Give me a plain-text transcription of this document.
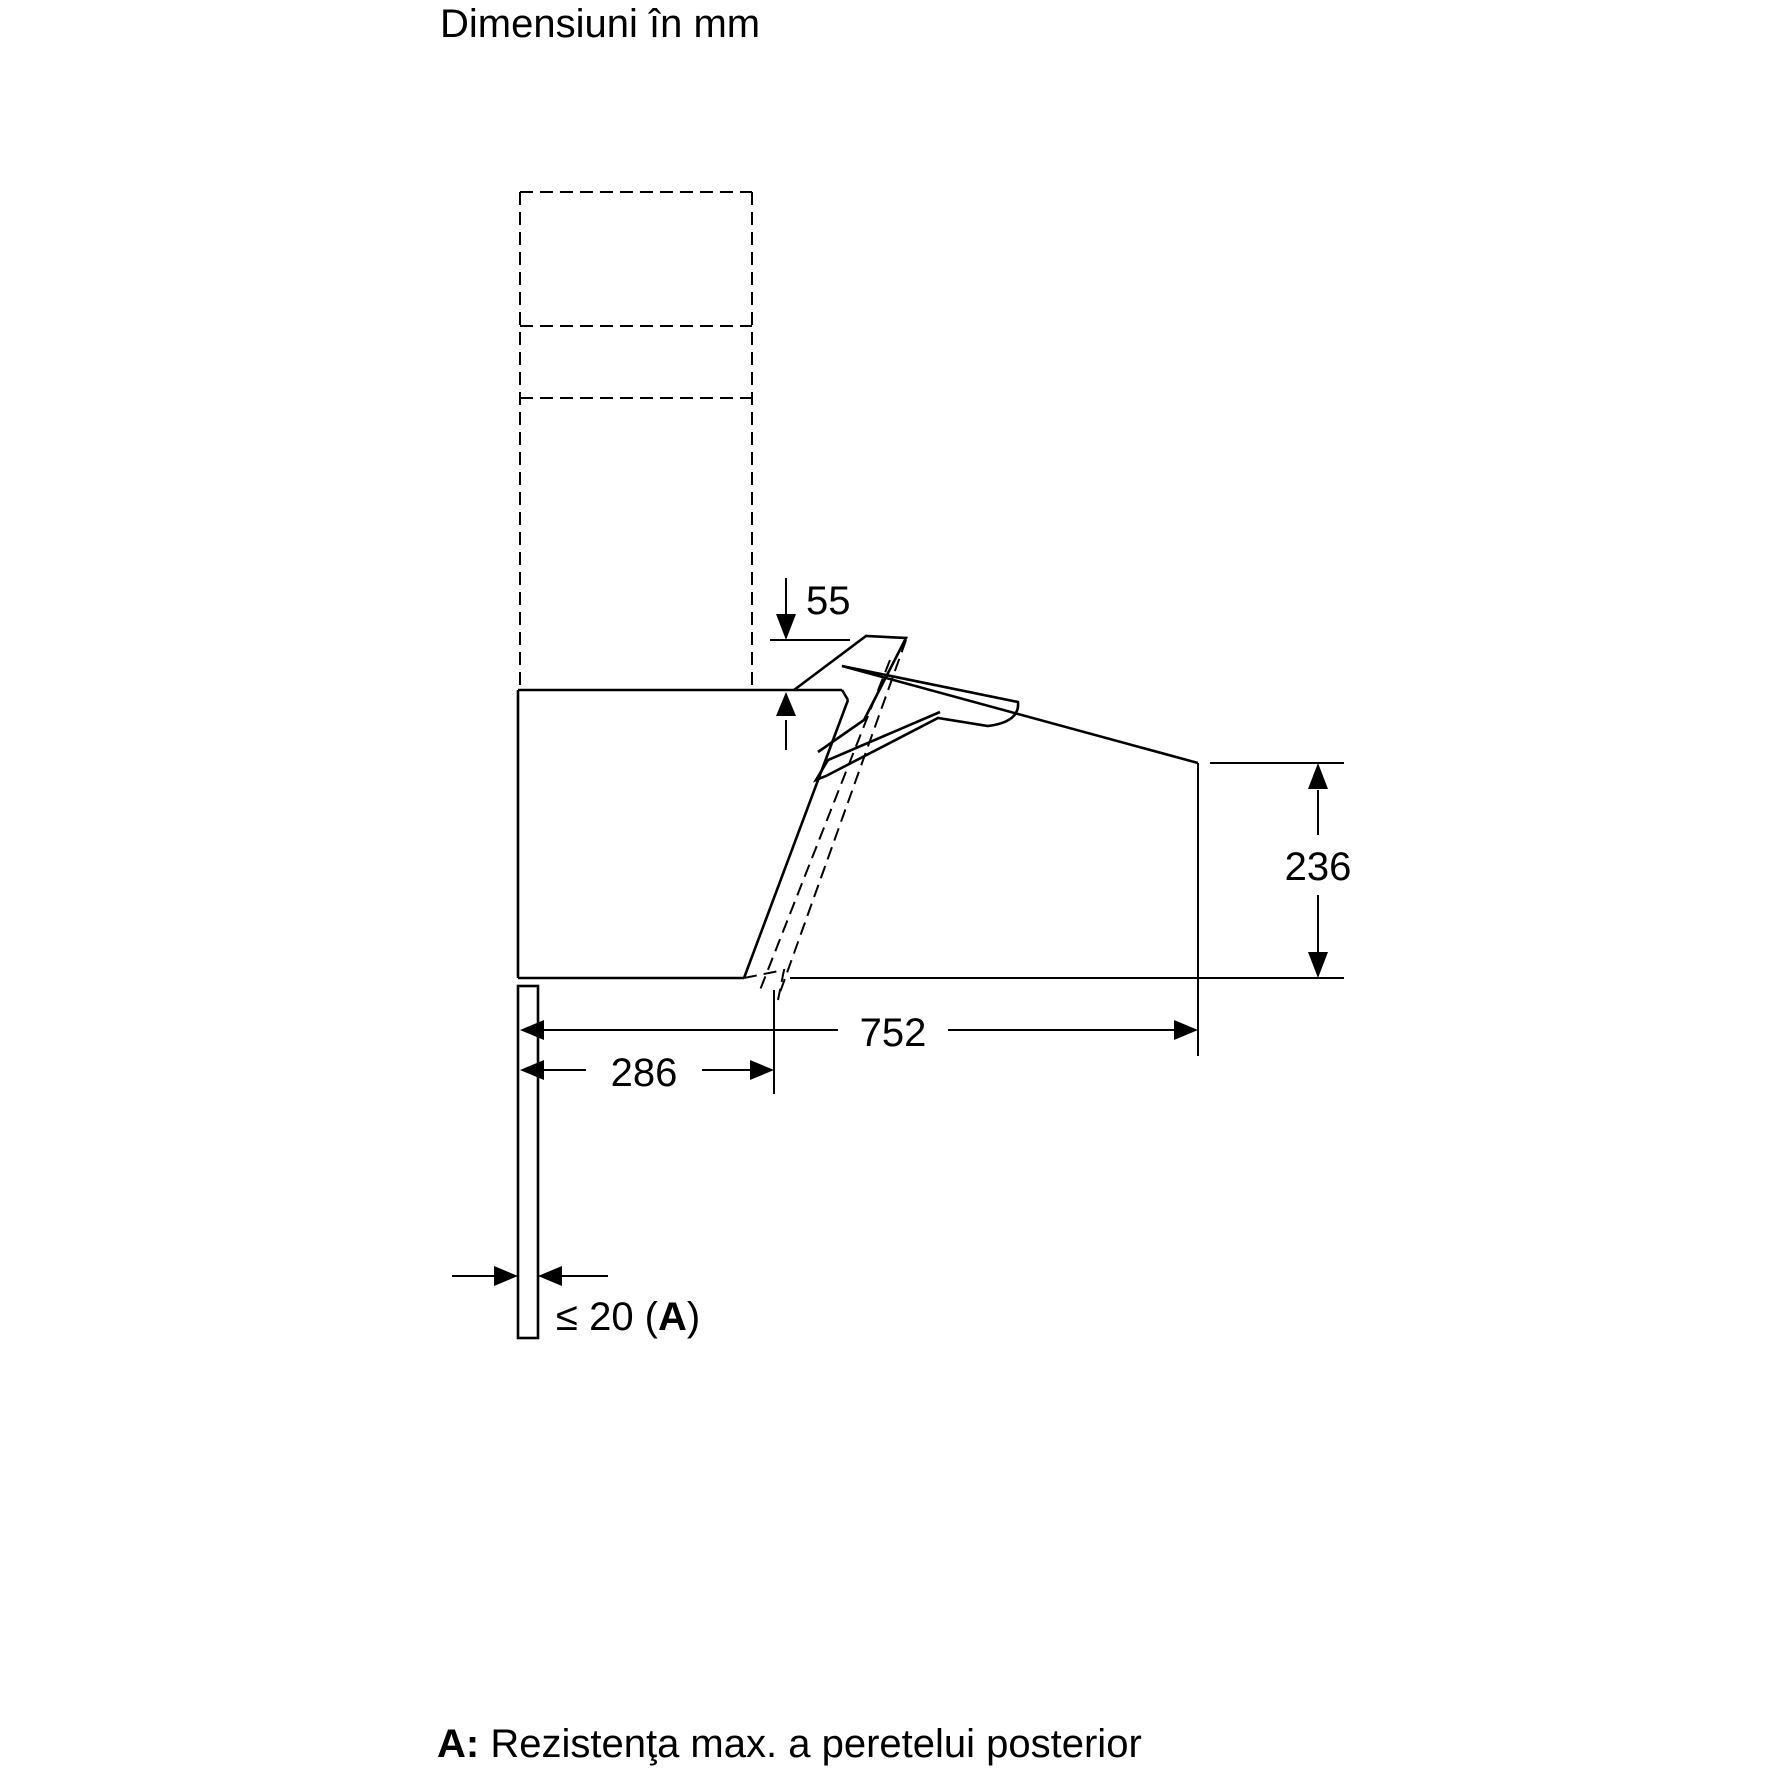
Dimensiuni în mm
55
236
752
286
≤ 20 (A)
A: Rezistenţa max. a peretelui posterior
